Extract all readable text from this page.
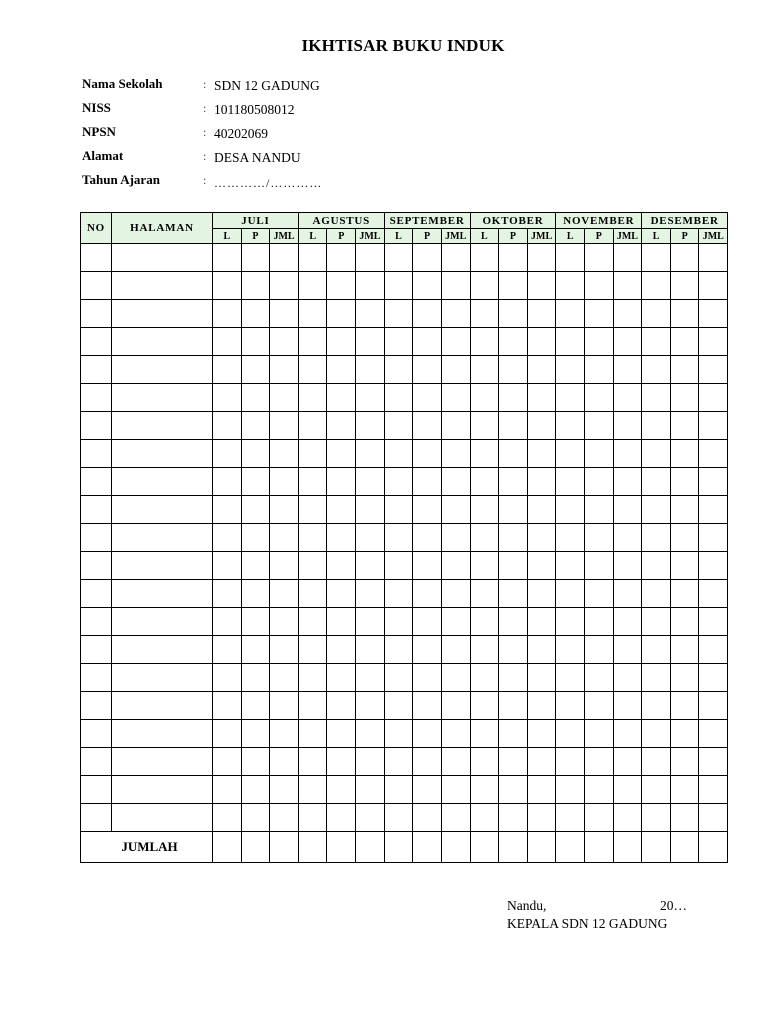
IKHTISAR BUKU INDUK
Nama Sekolah	: SDN 12 GADUNG
NISS	: 101180508012
NPSN	: 40202069
Alamat	: DESA NANDU
Tahun Ajaran	: …………/…………
NO	HALAMAN	JULI			AGUSTUS			SEPTEMBER			OKTOBER			NOVEMBER			DESEMBER		
		L	P	JML	L	P	JML	L	P	JML	L	P	JML	L	P	JML	L	P	JML

JUMLAH																			
Nandu,	20…
KEPALA SDN 12 GADUNG
